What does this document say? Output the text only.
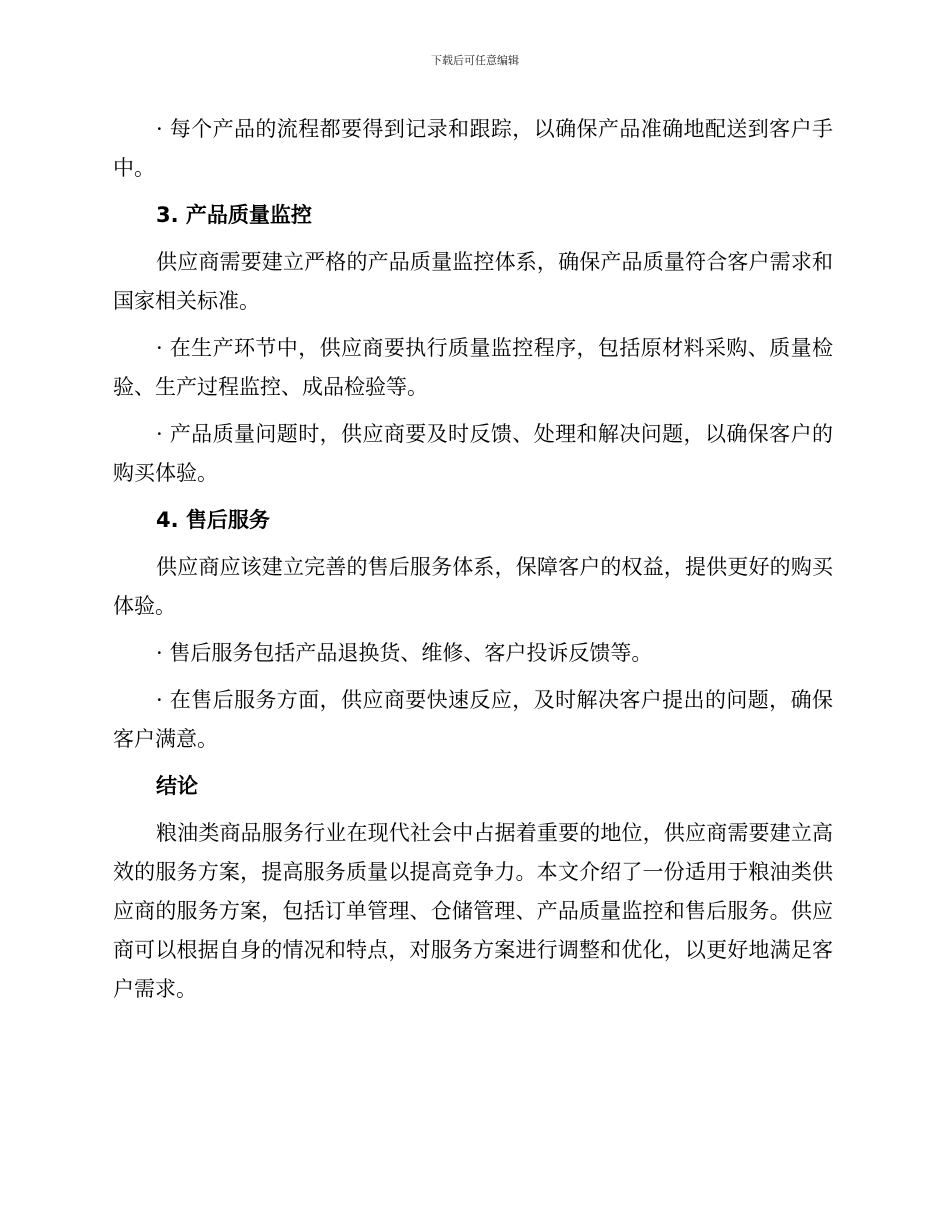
下载后可任意编辑

· 每个产品的流程都要得到记录和跟踪，以确保产品准确地配送到客户手中。

3. 产品质量监控

供应商需要建立严格的产品质量监控体系，确保产品质量符合客户需求和国家相关标准。

· 在生产环节中，供应商要执行质量监控程序，包括原材料采购、质量检验、生产过程监控、成品检验等。

· 产品质量问题时，供应商要及时反馈、处理和解决问题，以确保客户的购买体验。

4. 售后服务

供应商应该建立完善的售后服务体系，保障客户的权益，提供更好的购买体验。

· 售后服务包括产品退换货、维修、客户投诉反馈等。

· 在售后服务方面，供应商要快速反应，及时解决客户提出的问题，确保客户满意。

结论

粮油类商品服务行业在现代社会中占据着重要的地位，供应商需要建立高效的服务方案，提高服务质量以提高竞争力。本文介绍了一份适用于粮油类供应商的服务方案，包括订单管理、仓储管理、产品质量监控和售后服务。供应商可以根据自身的情况和特点，对服务方案进行调整和优化，以更好地满足客户需求。
